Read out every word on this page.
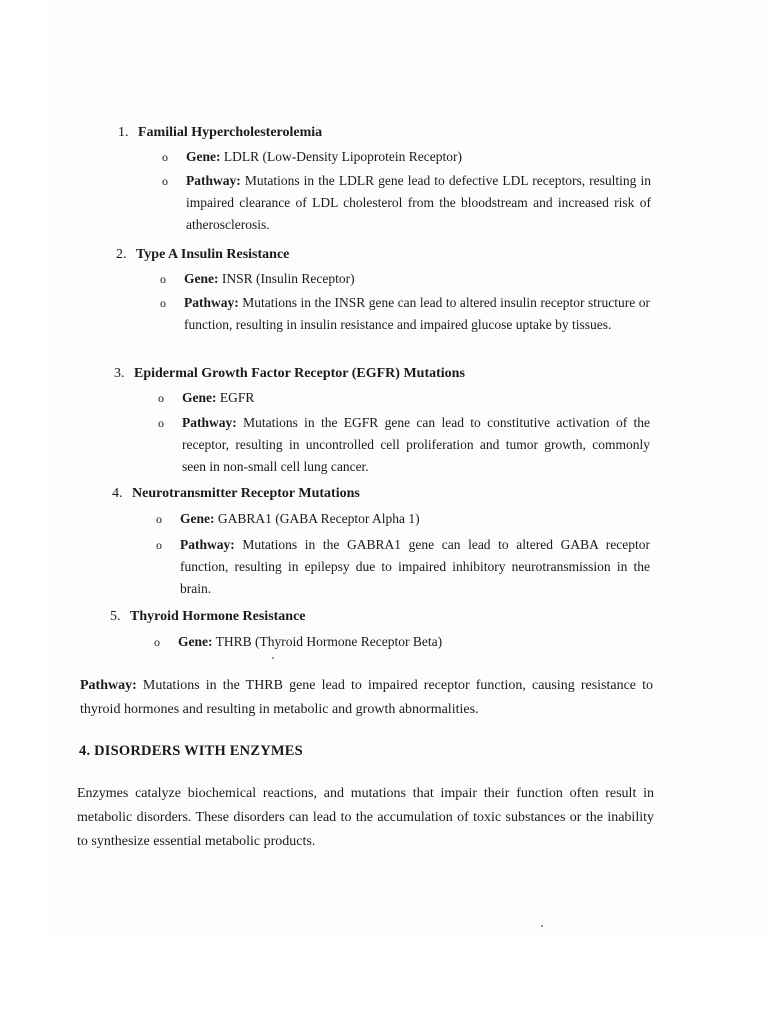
1. Familial Hypercholesterolemia
o Gene: LDLR (Low-Density Lipoprotein Receptor)
o Pathway: Mutations in the LDLR gene lead to defective LDL receptors, resulting in impaired clearance of LDL cholesterol from the bloodstream and increased risk of atherosclerosis.
2. Type A Insulin Resistance
o Gene: INSR (Insulin Receptor)
o Pathway: Mutations in the INSR gene can lead to altered insulin receptor structure or function, resulting in insulin resistance and impaired glucose uptake by tissues.
3. Epidermal Growth Factor Receptor (EGFR) Mutations
o Gene: EGFR
o Pathway: Mutations in the EGFR gene can lead to constitutive activation of the receptor, resulting in uncontrolled cell proliferation and tumor growth, commonly seen in non-small cell lung cancer.
4. Neurotransmitter Receptor Mutations
o Gene: GABRA1 (GABA Receptor Alpha 1)
o Pathway: Mutations in the GABRA1 gene can lead to altered GABA receptor function, resulting in epilepsy due to impaired inhibitory neurotransmission in the brain.
5. Thyroid Hormone Resistance
o Gene: THRB (Thyroid Hormone Receptor Beta)
Pathway: Mutations in the THRB gene lead to impaired receptor function, causing resistance to thyroid hormones and resulting in metabolic and growth abnormalities.
4. DISORDERS WITH ENZYMES
Enzymes catalyze biochemical reactions, and mutations that impair their function often result in metabolic disorders. These disorders can lead to the accumulation of toxic substances or the inability to synthesize essential metabolic products.
